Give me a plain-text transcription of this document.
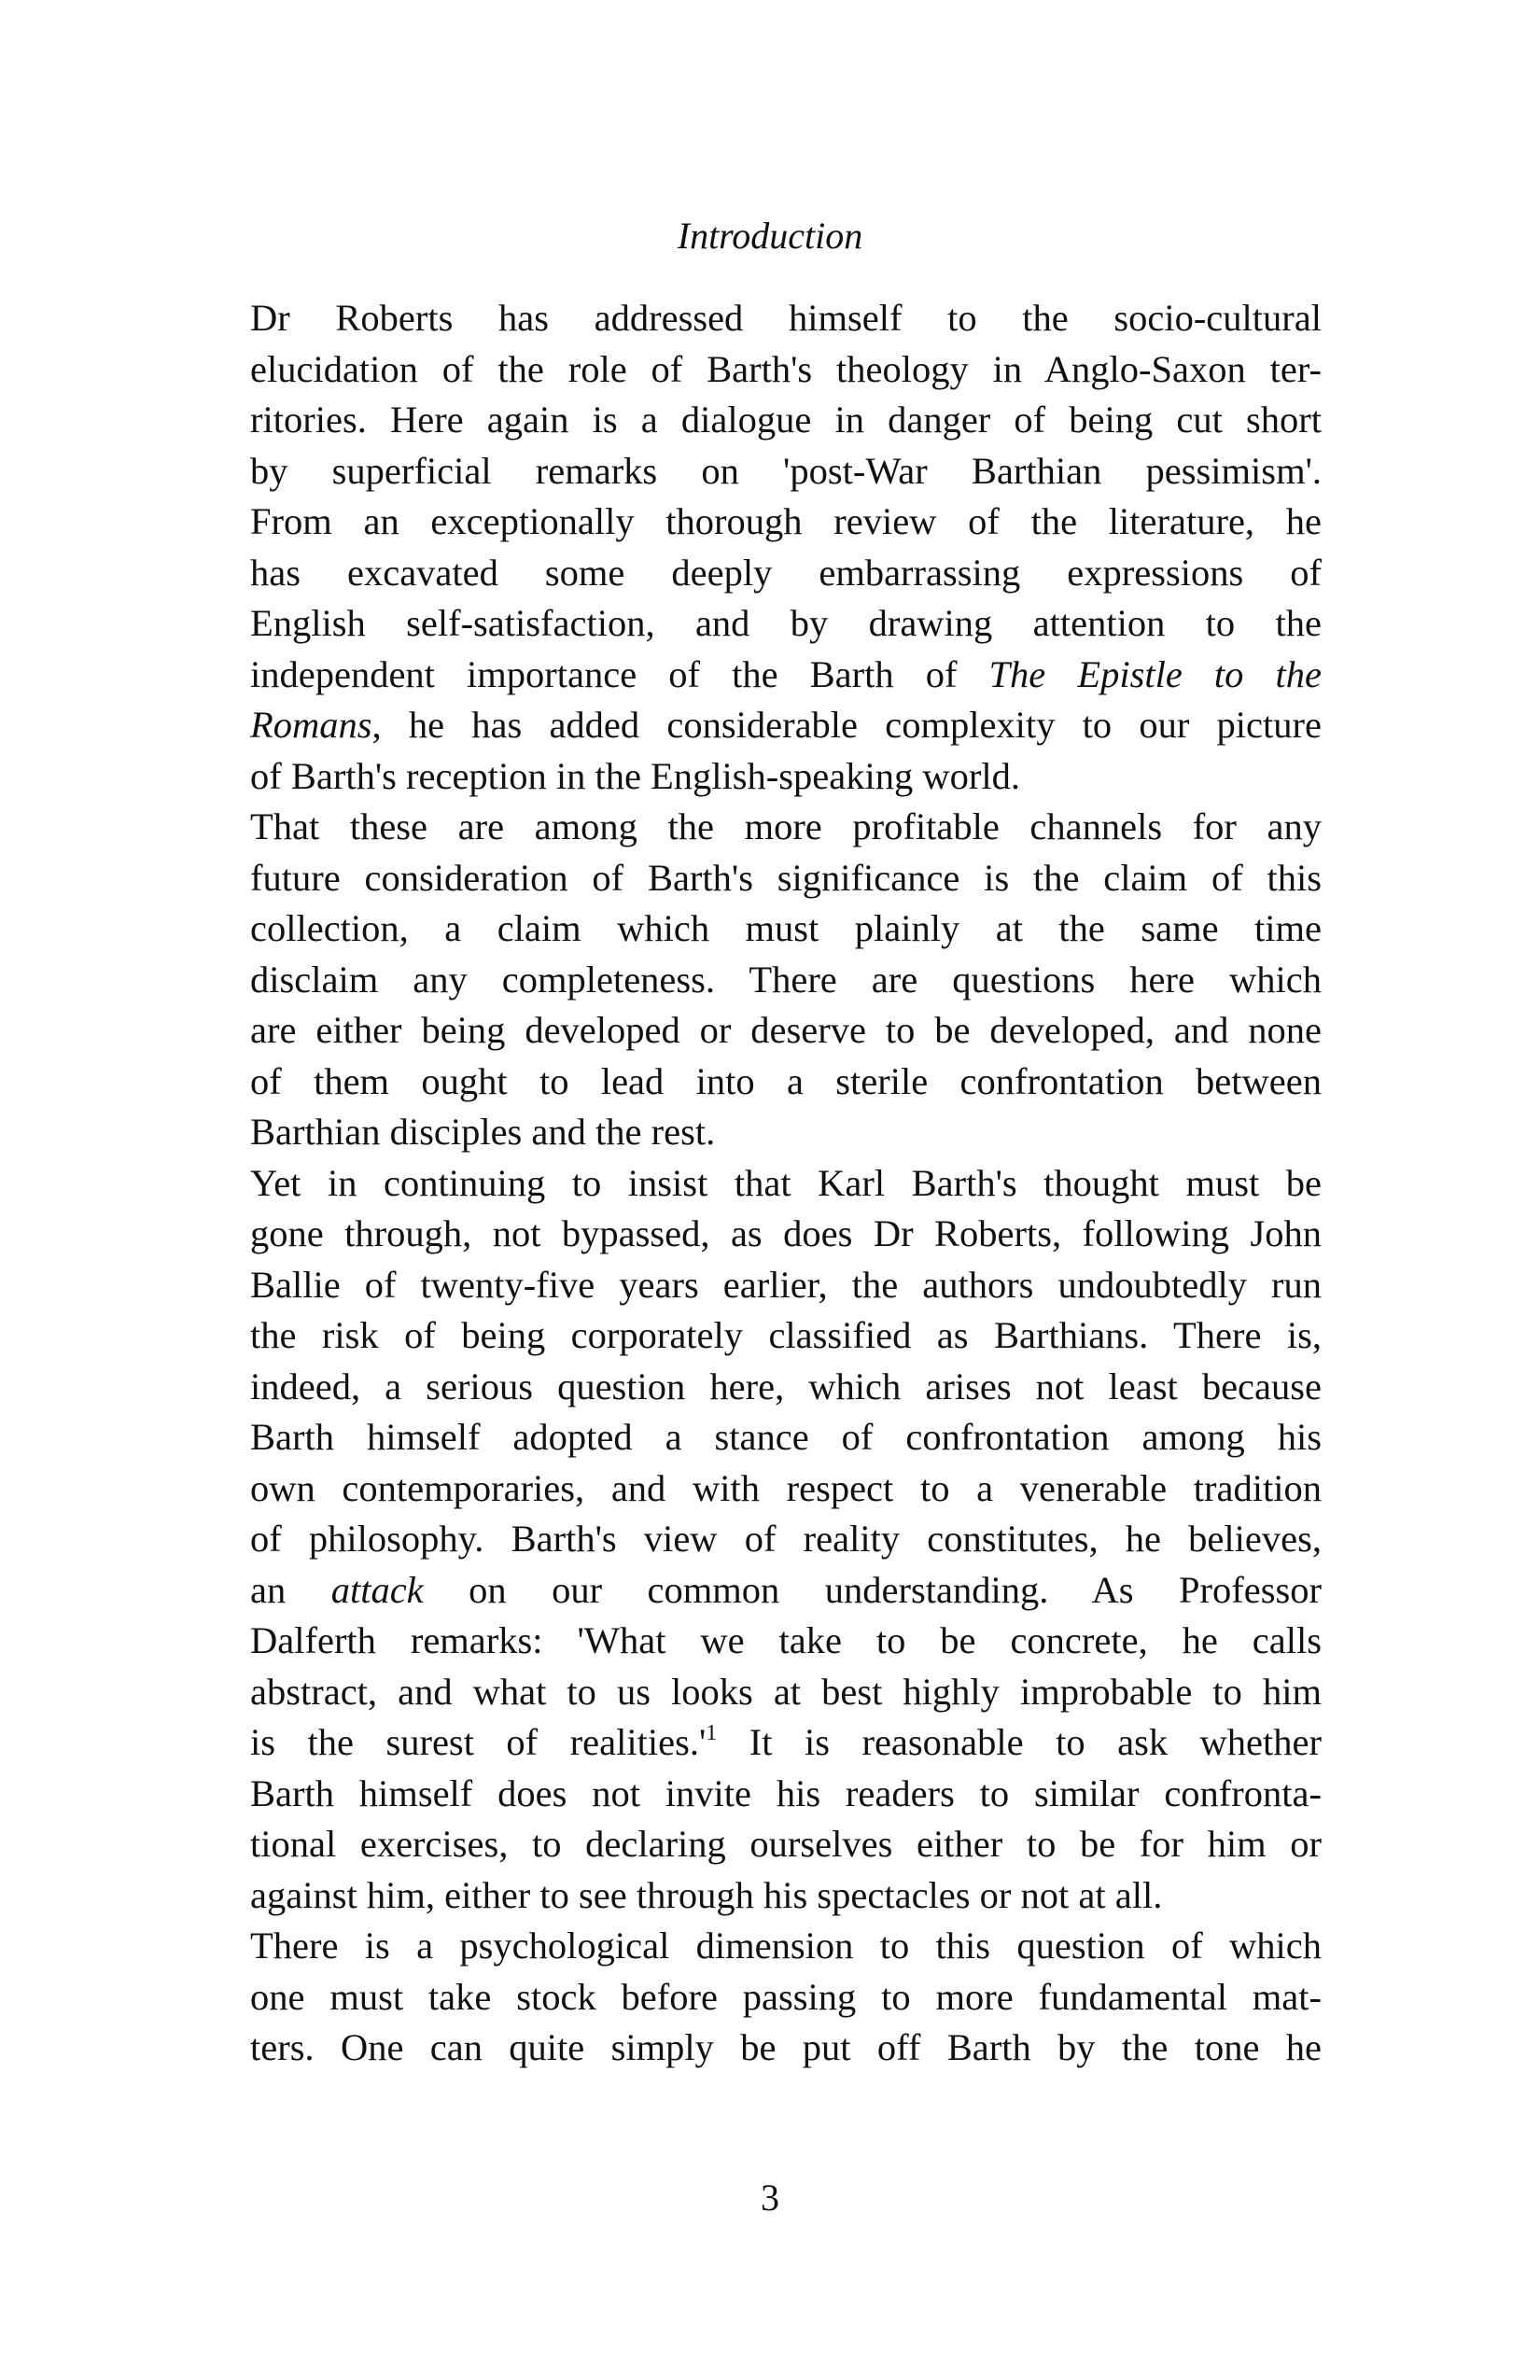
Introduction
Dr Roberts has addressed himself to the socio-cultural
elucidation of the role of Barth's theology in Anglo-Saxon ter-
ritories. Here again is a dialogue in danger of being cut short
by superficial remarks on 'post-War Barthian pessimism'.
From an exceptionally thorough review of the literature, he
has excavated some deeply embarrassing expressions of
English self-satisfaction, and by drawing attention to the
independent importance of the Barth of The Epistle to the
Romans, he has added considerable complexity to our picture
of Barth's reception in the English-speaking world.
That these are among the more profitable channels for any
future consideration of Barth's significance is the claim of this
collection, a claim which must plainly at the same time
disclaim any completeness. There are questions here which
are either being developed or deserve to be developed, and none
of them ought to lead into a sterile confrontation between
Barthian disciples and the rest.
Yet in continuing to insist that Karl Barth's thought must be
gone through, not bypassed, as does Dr Roberts, following John
Ballie of twenty-five years earlier, the authors undoubtedly run
the risk of being corporately classified as Barthians. There is,
indeed, a serious question here, which arises not least because
Barth himself adopted a stance of confrontation among his
own contemporaries, and with respect to a venerable tradition
of philosophy. Barth's view of reality constitutes, he believes,
an attack on our common understanding. As Professor
Dalferth remarks: 'What we take to be concrete, he calls
abstract, and what to us looks at best highly improbable to him
is the surest of realities.'$^1$ It is reasonable to ask whether
Barth himself does not invite his readers to similar confronta-
tional exercises, to declaring ourselves either to be for him or
against him, either to see through his spectacles or not at all.
There is a psychological dimension to this question of which
one must take stock before passing to more fundamental mat-
ters. One can quite simply be put off Barth by the tone he
3
